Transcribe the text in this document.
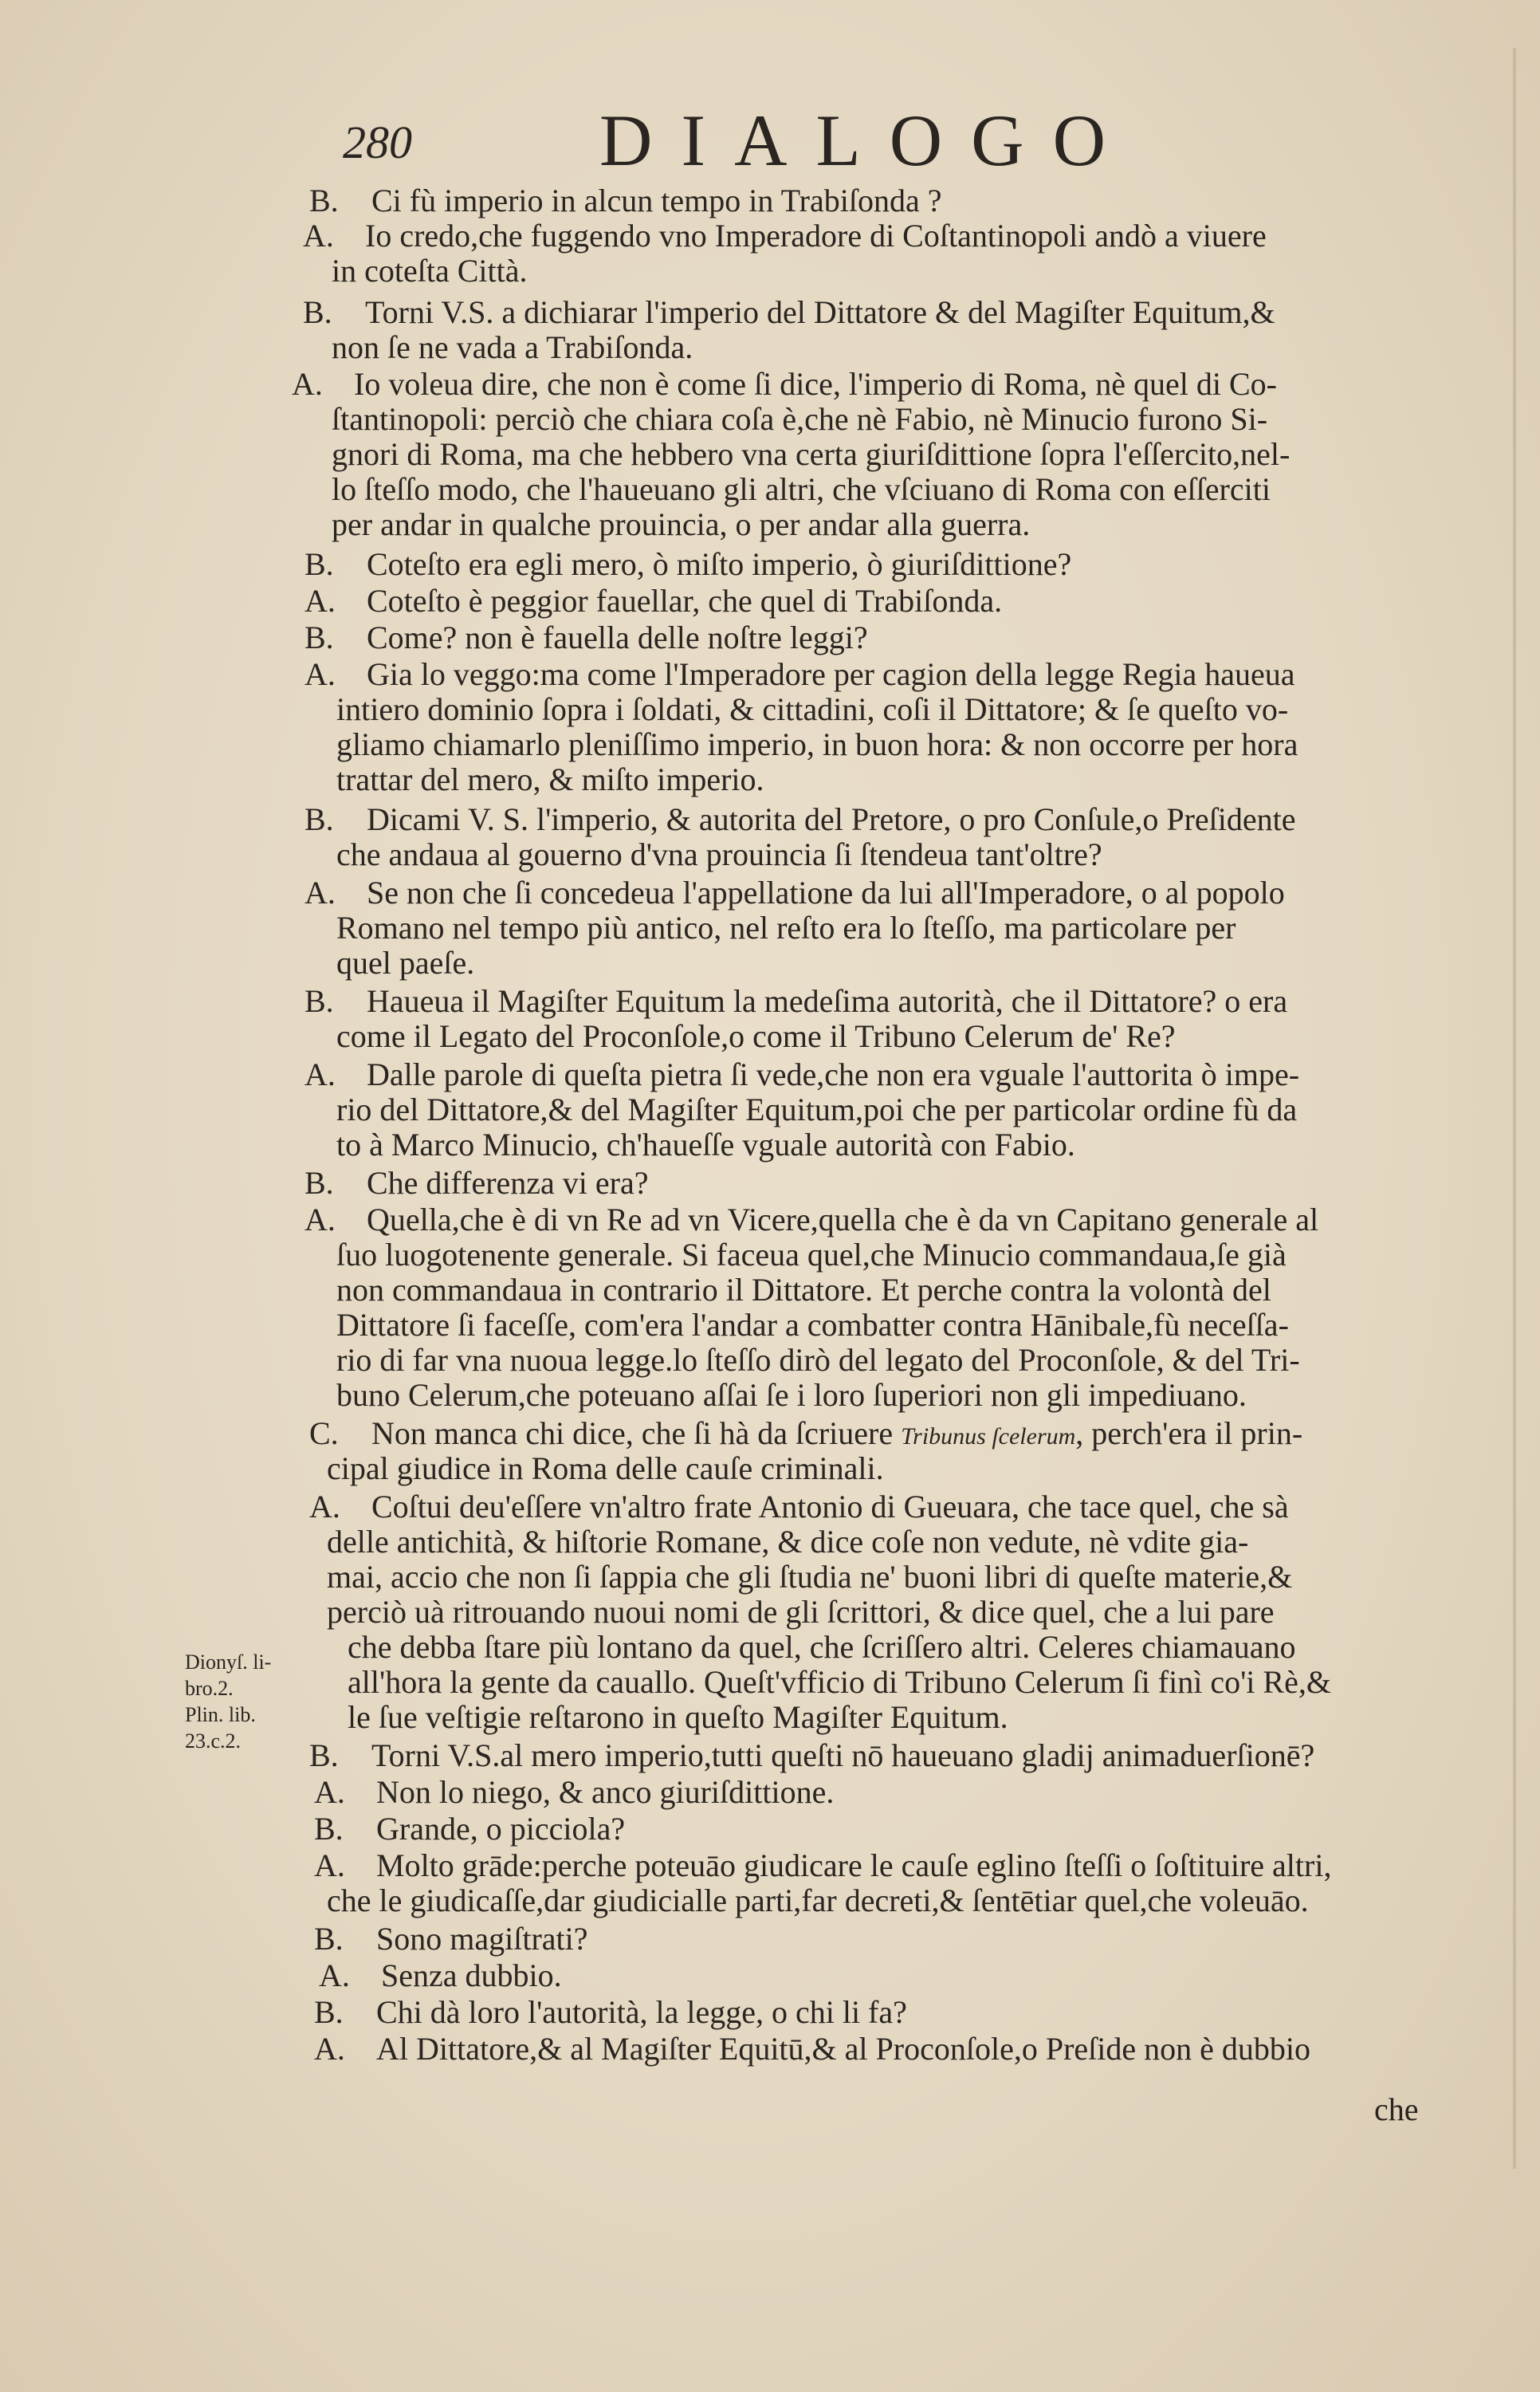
280	DIALOGO
B. Ci fù imperio in alcun tempo in Trabiſonda ?
A. Io credo,che fuggendo vno Imperadore di Coſtantinopoli andò a viuere
in coteſta Città.
B. Torni V.S. a dichiarar l'imperio del Dittatore & del Magiſter Equitum,&
non ſe ne vada a Trabiſonda.
A. Io voleua dire, che non è come ſi dice, l'imperio di Roma, nè quel di Co-
ſtantinopoli: perciò che chiara coſa è,che nè Fabio, nè Minucio furono Si-
gnori di Roma, ma che hebbero vna certa giuriſdittione ſopra l'eſſercito,nel-
lo ſteſſo modo, che l'haueuano gli altri, che vſciuano di Roma con eſſerciti
per andar in qualche prouincia, o per andar alla guerra.
B. Coteſto era egli mero, ò miſto imperio, ò giuriſdittione?
A. Coteſto è peggior fauellar, che quel di Trabiſonda.
B. Come? non è fauella delle noſtre leggi?
A. Gia lo veggo:ma come l'Imperadore per cagion della legge Regia haueua
intiero dominio ſopra i ſoldati, & cittadini, coſi il Dittatore; & ſe queſto vo-
gliamo chiamarlo pleniſſimo imperio, in buon hora: & non occorre per hora
trattar del mero, & miſto imperio.
B. Dicami V. S. l'imperio, & autorita del Pretore, o pro Conſule,o Preſidente
che andaua al gouerno d'vna prouincia ſi ſtendeua tant'oltre?
A. Se non che ſi concedeua l'appellatione da lui all'Imperadore, o al popolo
Romano nel tempo più antico, nel reſto era lo ſteſſo, ma particolare per
quel paeſe.
B. Haueua il Magiſter Equitum la medeſima autorità, che il Dittatore? o era
come il Legato del Proconſole,o come il Tribuno Celerum de' Re?
A. Dalle parole di queſta pietra ſi vede,che non era vguale l'auttorita ò impe-
rio del Dittatore,& del Magiſter Equitum,poi che per particolar ordine fù da
to à Marco Minucio, ch'haueſſe vguale autorità con Fabio.
B. Che differenza vi era?
A. Quella,che è di vn Re ad vn Vicere,quella che è da vn Capitano generale al
ſuo luogotenente generale. Si faceua quel,che Minucio commandaua,ſe già
non commandaua in contrario il Dittatore. Et perche contra la volontà del
Dittatore ſi faceſſe, com'era l'andar a combatter contra Hānibale,fù neceſſa-
rio di far vna nuoua legge.lo ſteſſo dirò del legato del Proconſole, & del Tri-
buno Celerum,che poteuano aſſai ſe i loro ſuperiori non gli impediuano.
C. Non manca chi dice, che ſi hà da ſcriuere Tribunus ſcelerum, perch'era il prin-
cipal giudice in Roma delle cauſe criminali.
A. Coſtui deu'eſſere vn'altro frate Antonio di Gueuara, che tace quel, che sà
delle antichità, & hiſtorie Romane, & dice coſe non vedute, nè vdite gia-
mai, accio che non ſi ſappia che gli ſtudia ne' buoni libri di queſte materie,&
perciò uà ritrouando nuoui nomi de gli ſcrittori, & dice quel, che a lui pare
che debba ſtare più lontano da quel, che ſcriſſero altri. Celeres chiamauano
all'hora la gente da cauallo. Queſt'vfficio di Tribuno Celerum ſi finì co'i Rè,&
le ſue veſtigie reſtarono in queſto Magiſter Equitum.
B. Torni V.S.al mero imperio,tutti queſti nō haueuano gladij animaduerſionē?
A. Non lo niego, & anco giuriſdittione.
B. Grande, o picciola?
A. Molto grāde:perche poteuāo giudicare le cauſe eglino ſteſſi o ſoſtituire altri,
che le giudicaſſe,dar giudicialle parti,far decreti,& ſentētiar quel,che voleuāo.
B. Sono magiſtrati?
A. Senza dubbio.
B. Chi dà loro l'autorità, la legge, o chi li fa?
A. Al Dittatore,& al Magiſter Equitū,& al Proconſole,o Preſide non è dubbio
Dionyſ. li-
bro.2.
Plin. lib.
23.c.2.
che
